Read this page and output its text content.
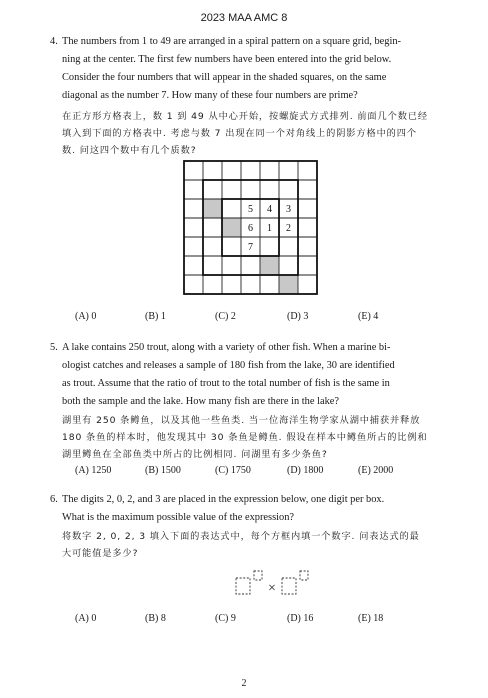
2023 MAA AMC 8
4. The numbers from 1 to 49 are arranged in a spiral pattern on a square grid, begin-
ning at the center. The first few numbers have been entered into the grid below.
Consider the four numbers that will appear in the shaded squares, on the same
diagonal as the number 7. How many of these four numbers are prime?
在正方形方格表上，数 1 到 49 从中心开始，按螺旋式方式排列. 前面几个数已经
填入到下面的方格表中. 考虑与数 7 出现在同一个对角线上的阴影方格中的四个
数. 问这四个数中有几个质数?
5 4 3
6 1 2
7
(A) 0	(B) 1	(C) 2	(D) 3	(E) 4
5. A lake contains 250 trout, along with a variety of other fish. When a marine bi-
ologist catches and releases a sample of 180 fish from the lake, 30 are identified
as trout. Assume that the ratio of trout to the total number of fish is the same in
both the sample and the lake. How many fish are there in the lake?
湖里有 250 条鳟鱼，以及其他一些鱼类. 当一位海洋生物学家从湖中捕获并释放
180 条鱼的样本时，他发现其中 30 条鱼是鳟鱼. 假设在样本中鳟鱼所占的比例和
湖里鳟鱼在全部鱼类中所占的比例相同. 问湖里有多少条鱼?
(A) 1250	(B) 1500	(C) 1750	(D) 1800	(E) 2000
6. The digits 2, 0, 2, and 3 are placed in the expression below, one digit per box.
What is the maximum possible value of the expression?
将数字 2, 0, 2, 3 填入下面的表达式中，每个方框内填一个数字. 问表达式的最
大可能值是多少?
×
(A) 0	(B) 8	(C) 9	(D) 16	(E) 18
2
